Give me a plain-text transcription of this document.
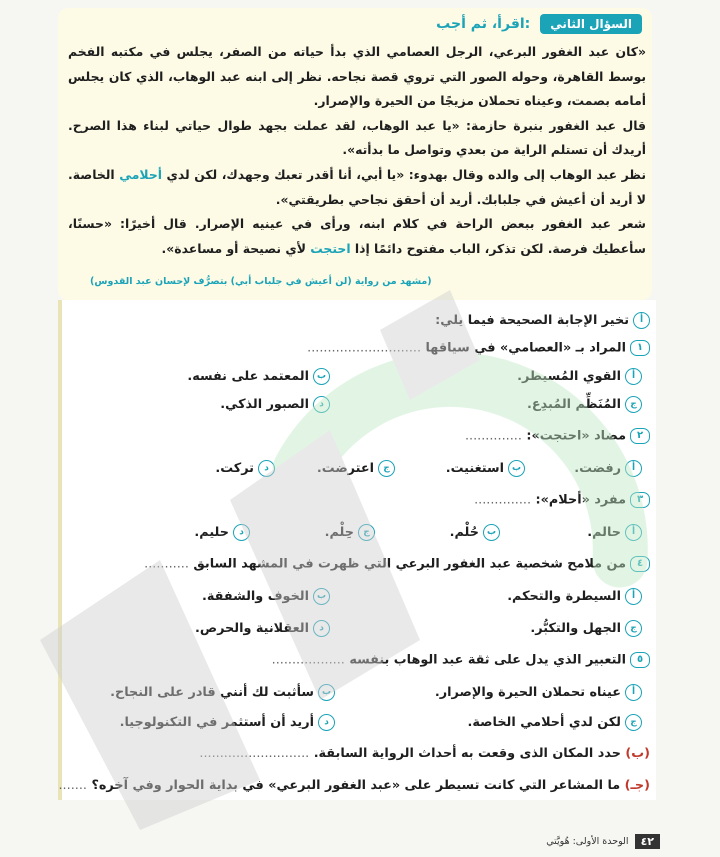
السؤال الثاني
اقرأ، ثم أجب:

«كان عبد الغفور البرعي، الرجل العصامي الذي بدأ حياته من الصفر، يجلس في مكتبه الفخم بوسط القاهرة، وحوله الصور التي تروي قصة نجاحه. نظر إلى ابنه عبد الوهاب، الذي كان يجلس أمامه بصمت، وعيناه تحملان مزيجًا من الحيرة والإصرار.

قال عبد الغفور بنبرة حازمة: «يا عبد الوهاب، لقد عملت بجهد طوال حياتي لبناء هذا الصرح. أريدك أن تستلم الراية من بعدي وتواصل ما بدأته».

نظر عبد الوهاب إلى والده وقال بهدوء: «يا أبي، أنا أقدر تعبك وجهدك، لكن لدي أحلامي الخاصة. لا أريد أن أعيش في جلبابك. أريد أن أحقق نجاحي بطريقتي».

شعر عبد الغفور ببعض الراحة في كلام ابنه، ورأى في عينيه الإصرار. قال أخيرًا: «حسنًا، سأعطيك فرصة. لكن تذكر، الباب مفتوح دائمًا إذا احتجت لأي نصيحة أو مساعدة».

(مشهد من رواية (لن أعيش في جلباب أبي) بتصرُّف لإحسان عبد القدوس)
أتخير الإجابة الصحيحة فيما يلي:
١المراد بـ «العصامي» في سياقها ............................
أالقوي المُسيطر.
بالمعتمد على نفسه.
جالمُنَظِّم المُبدِع.
دالصبور الذكي.
٢مضاد «احتجت»: ..............
أرفضت.
باستغنيت.
جاعترضت.
دتركت.
٣مفرد «أحلام»: ..............
أحالم.
بحُلْم.
جحِلْم.
دحليم.
٤من ملامح شخصية عبد الغفور البرعي التي ظهرت في المشهد السابق ...........
أالسيطرة والتحكم.
بالخوف والشفقة.
جالجهل والتكبُّر.
دالعقلانية والحرص.
٥التعبير الذي يدل على ثقة عبد الوهاب بنفسه ..................
أعيناه تحملان الحيرة والإصرار.
بسأثبت لك أنني قادر على النجاح.
جلكن لدي أحلامي الخاصة.
دأريد أن أستثمر في التكنولوجيا.
(ب) حدد المكان الذى وقعت به أحداث الرواية السابقة. ...........................
(جـ) ما المشاعر التي كانت تسيطر على «عبد الغفور البرعي» في بداية الحوار وفي آخره؟ .......
٤٢
الوحدة الأولى: هُويَّتي
